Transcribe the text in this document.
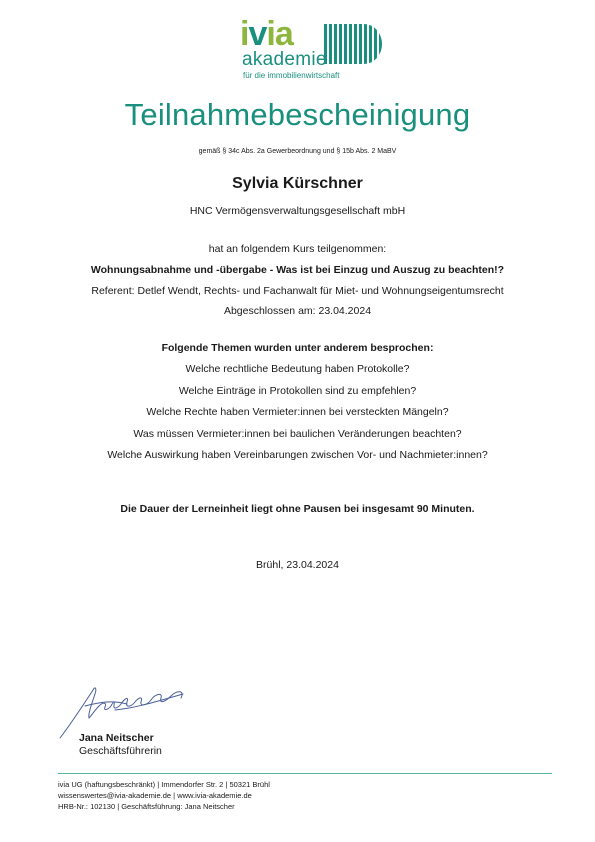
ivia
akademie
für die immobilienwirtschaft
Teilnahmebescheinigung
gemäß § 34c Abs. 2a Gewerbeordnung und § 15b Abs. 2 MaBV
Sylvia Kürschner
HNC Vermögensverwaltungsgesellschaft mbH
hat an folgendem Kurs teilgenommen:
Wohnungsabnahme und -übergabe - Was ist bei Einzug und Auszug zu beachten!?
Referent: Detlef Wendt, Rechts- und Fachanwalt für Miet- und Wohnungseigentumsrecht
Abgeschlossen am: 23.04.2024
Folgende Themen wurden unter anderem besprochen:
Welche rechtliche Bedeutung haben Protokolle?
Welche Einträge in Protokollen sind zu empfehlen?
Welche Rechte haben Vermieter:innen bei versteckten Mängeln?
Was müssen Vermieter:innen bei baulichen Veränderungen beachten?
Welche Auswirkung haben Vereinbarungen zwischen Vor- und Nachmieter:innen?
Die Dauer der Lerneinheit liegt ohne Pausen bei insgesamt 90 Minuten.
Brühl, 23.04.2024
Jana Neitscher
Geschäftsführerin
ivia UG (haftungsbeschränkt) | Immendorfer Str. 2 | 50321 Brühl
wissenswertes@ivia-akademie.de | www.ivia-akademie.de
HRB-Nr.: 102130 | Geschäftsführung: Jana Neitscher
